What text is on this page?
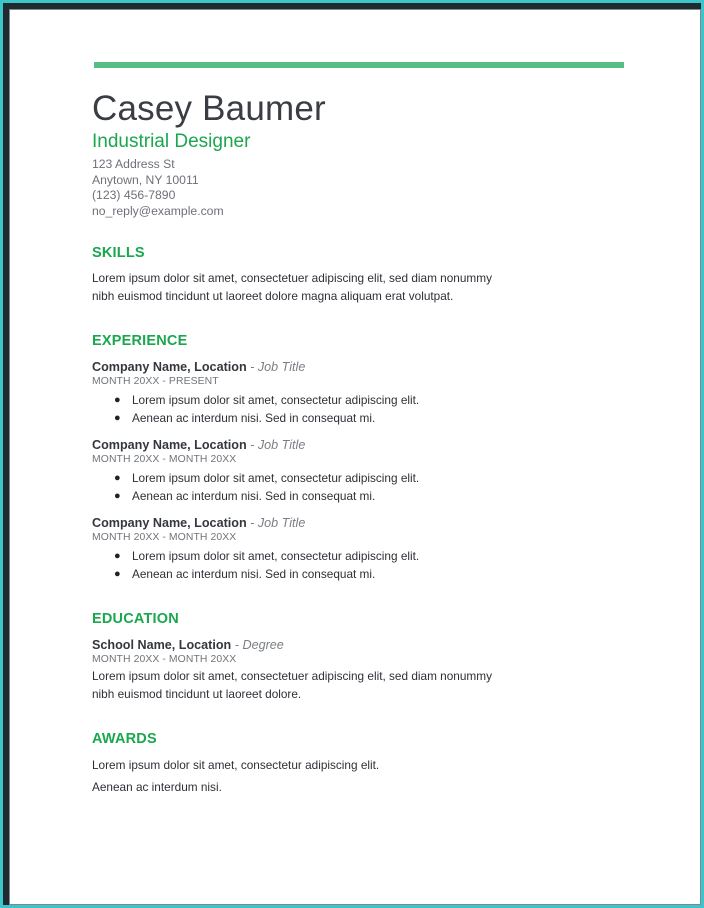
Casey Baumer
Industrial Designer
123 Address St
Anytown, NY 10011
(123) 456-7890
no_reply@example.com
SKILLS
Lorem ipsum dolor sit amet, consectetuer adipiscing elit, sed diam nonummy
nibh euismod tincidunt ut laoreet dolore magna aliquam erat volutpat.
EXPERIENCE
Company Name, Location - Job Title
MONTH 20XX - PRESENT
● Lorem ipsum dolor sit amet, consectetur adipiscing elit.
● Aenean ac interdum nisi. Sed in consequat mi.
Company Name, Location - Job Title
MONTH 20XX - MONTH 20XX
● Lorem ipsum dolor sit amet, consectetur adipiscing elit.
● Aenean ac interdum nisi. Sed in consequat mi.
Company Name, Location - Job Title
MONTH 20XX - MONTH 20XX
● Lorem ipsum dolor sit amet, consectetur adipiscing elit.
● Aenean ac interdum nisi. Sed in consequat mi.
EDUCATION
School Name, Location - Degree
MONTH 20XX - MONTH 20XX
Lorem ipsum dolor sit amet, consectetuer adipiscing elit, sed diam nonummy
nibh euismod tincidunt ut laoreet dolore.
AWARDS
Lorem ipsum dolor sit amet, consectetur adipiscing elit.
Aenean ac interdum nisi.
